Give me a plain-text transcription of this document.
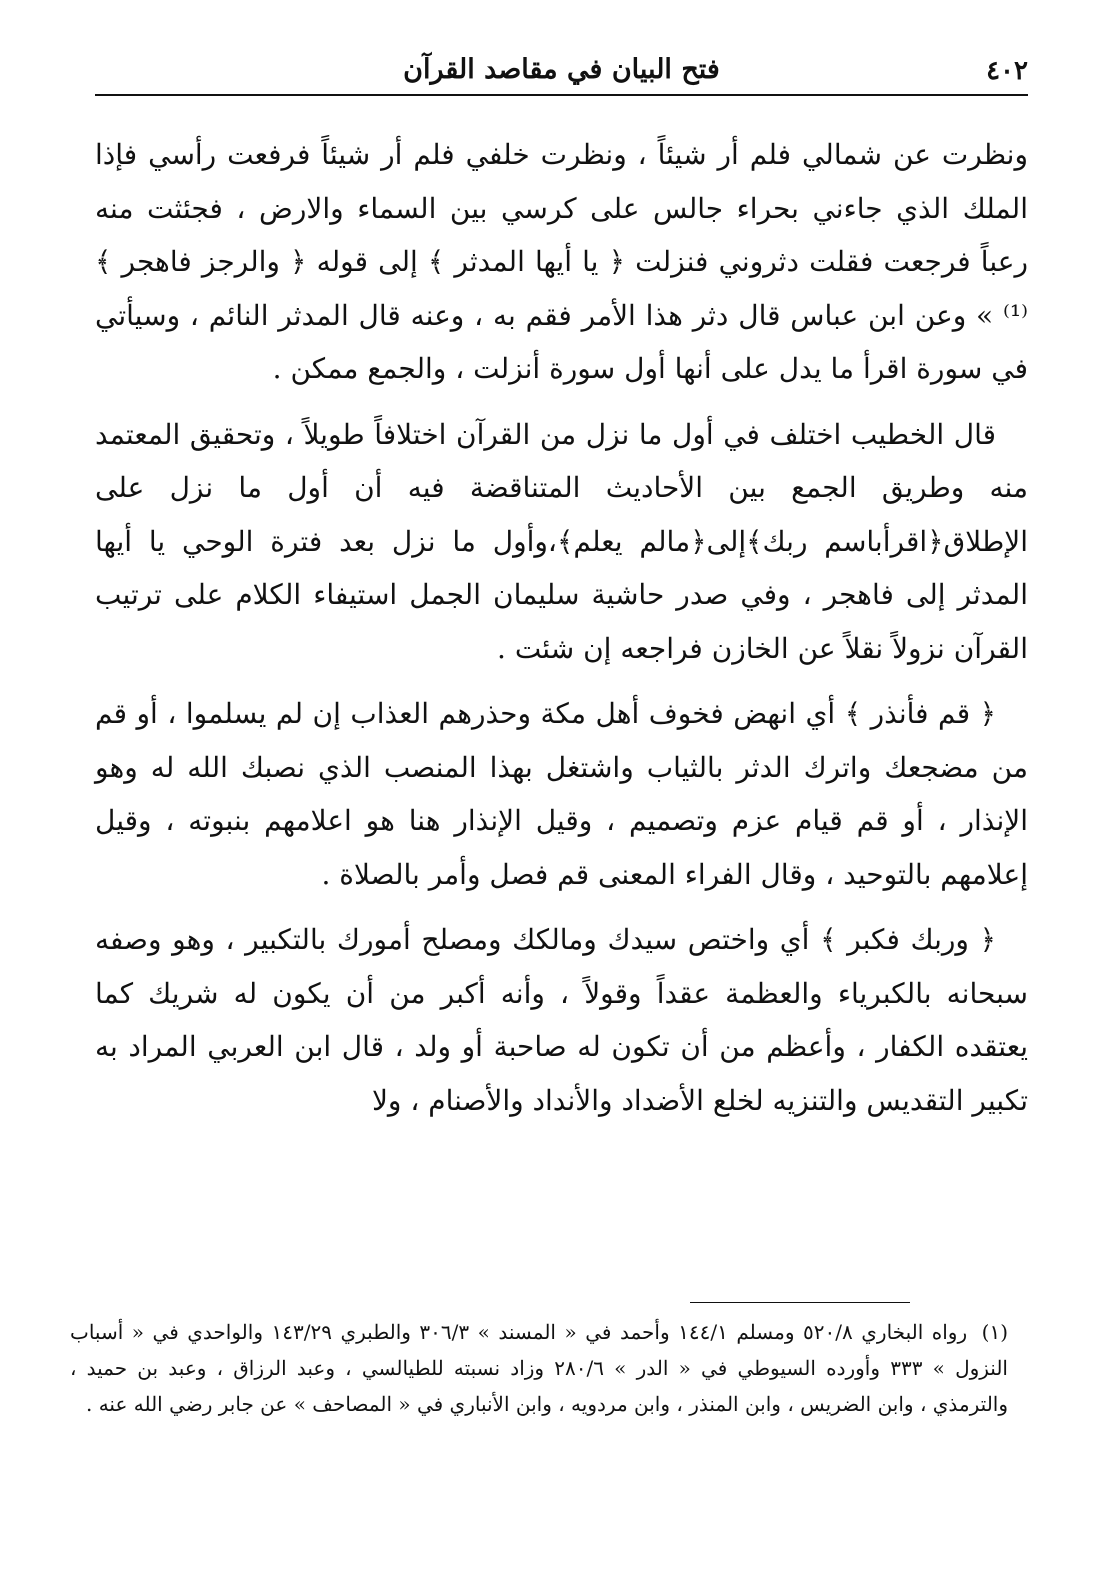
٤٠٢
فتح البيان في مقاصد القرآن

ونظرت عن شمالي فلم أر شيئاً ، ونظرت خلفي فلم أر شيئاً فرفعت رأسي فإذا الملك الذي جاءني بحراء جالس على كرسي بين السماء والارض ، فجئثت منه رعباً فرجعت فقلت دثروني فنزلت ﴿ يا أيها المدثر ﴾ إلى قوله ﴿ والرجز فاهجر ﴾⁽¹⁾ » وعن ابن عباس قال دثر هذا الأمر فقم به ، وعنه قال المدثر النائم ، وسيأتي في سورة اقرأ ما يدل على أنها أول سورة أنزلت ، والجمع ممكن .

قال الخطيب اختلف في أول ما نزل من القرآن اختلافاً طويلاً ، وتحقيق المعتمد منه وطريق الجمع بين الأحاديث المتناقضة فيه أن أول ما نزل على الإطلاق﴿اقرأباسم ربك﴾إلى﴿مالم يعلم﴾،وأول ما نزل بعد فترة الوحي يا أيها المدثر إلى فاهجر ، وفي صدر حاشية سليمان الجمل استيفاء الكلام على ترتيب القرآن نزولاً نقلاً عن الخازن فراجعه إن شئت .

﴿ قم فأنذر ﴾ أي انهض فخوف أهل مكة وحذرهم العذاب إن لم يسلموا ، أو قم من مضجعك واترك الدثر بالثياب واشتغل بهذا المنصب الذي نصبك الله له وهو الإنذار ، أو قم قيام عزم وتصميم ، وقيل الإنذار هنا هو اعلامهم بنبوته ، وقيل إعلامهم بالتوحيد ، وقال الفراء المعنى قم فصل وأمر بالصلاة .

﴿ وربك فكبر ﴾ أي واختص سيدك ومالكك ومصلح أمورك بالتكبير ، وهو وصفه سبحانه بالكبرياء والعظمة عقداً وقولاً ، وأنه أكبر من أن يكون له شريك كما يعتقده الكفار ، وأعظم من أن تكون له صاحبة أو ولد ، قال ابن العربي المراد به تكبير التقديس والتنزيه لخلع الأضداد والأنداد والأصنام ، ولا

(١) رواه البخاري ٥٢٠/٨ ومسلم ١٤٤/١ وأحمد في « المسند » ٣٠٦/٣ والطبري ١٤٣/٢٩ والواحدي في « أسباب النزول » ٣٣٣ وأورده السيوطي في « الدر » ٢٨٠/٦ وزاد نسبته للطيالسي ، وعبد الرزاق ، وعبد بن حميد ، والترمذي ، وابن الضريس ، وابن المنذر ، وابن مردويه ، وابن الأنباري في « المصاحف » عن جابر رضي الله عنه .
